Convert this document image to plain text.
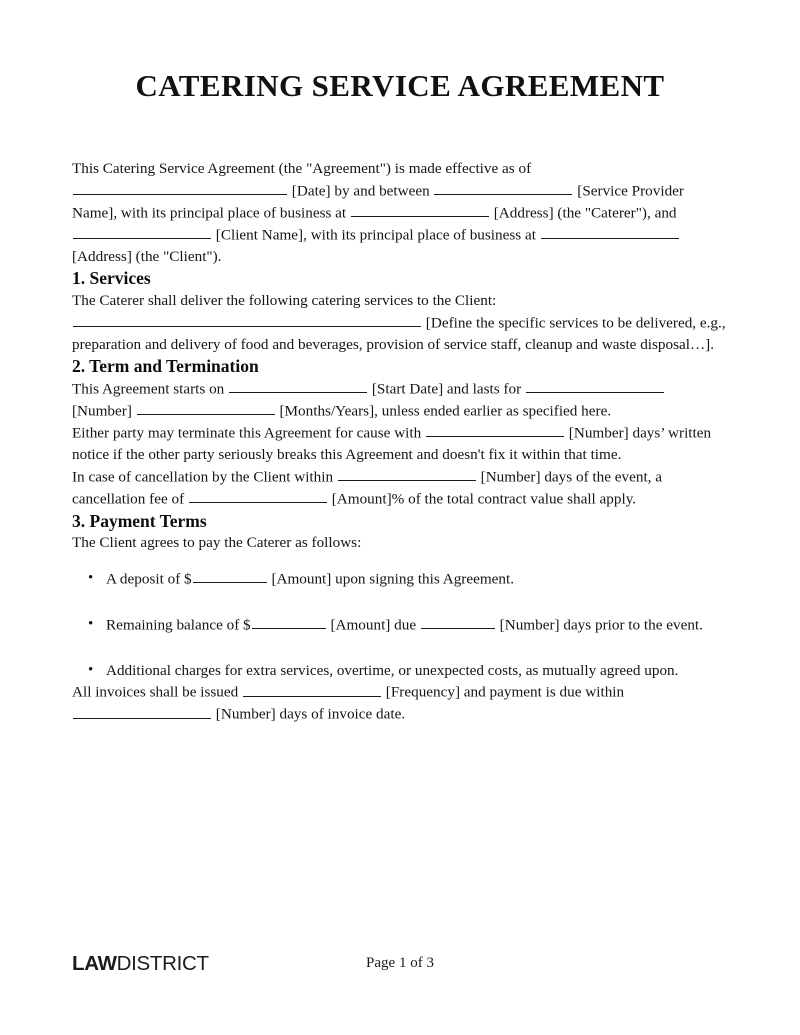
CATERING SERVICE AGREEMENT

This Catering Service Agreement (the "Agreement") is made effective as of  [Date] by and between	[Service Provider Name], with its principal place of business at	[Address] (the "Caterer"), and  [Client Name], with its principal place of business at  [Address] (the "Client").

1. Services

The Caterer shall deliver the following catering services to the Client:  [Define the specific services to be delivered, e.g., preparation and delivery of food and beverages, provision of service staff, cleanup and waste disposal…].

2. Term and Termination

This Agreement starts on	[Start Date] and lasts for  [Number]	[Months/Years], unless ended earlier as specified here.

Either party may terminate this Agreement for cause with	[Number] days’ written notice if the other party seriously breaks this Agreement and doesn't fix it within that time.

In case of cancellation by the Client within	[Number] days of the event, a cancellation fee of	[Amount]% of the total contract value shall apply.

3. Payment Terms

The Client agrees to pay the Caterer as follows:

• A deposit of $	[Amount] upon signing this Agreement.
• Remaining balance of $	[Amount] due	[Number] days prior to the event.
• Additional charges for extra services, overtime, or unexpected costs, as mutually agreed upon.

All invoices shall be issued	[Frequency] and payment is due within  [Number] days of invoice date.

LAWDISTRICT	Page 1 of 3
